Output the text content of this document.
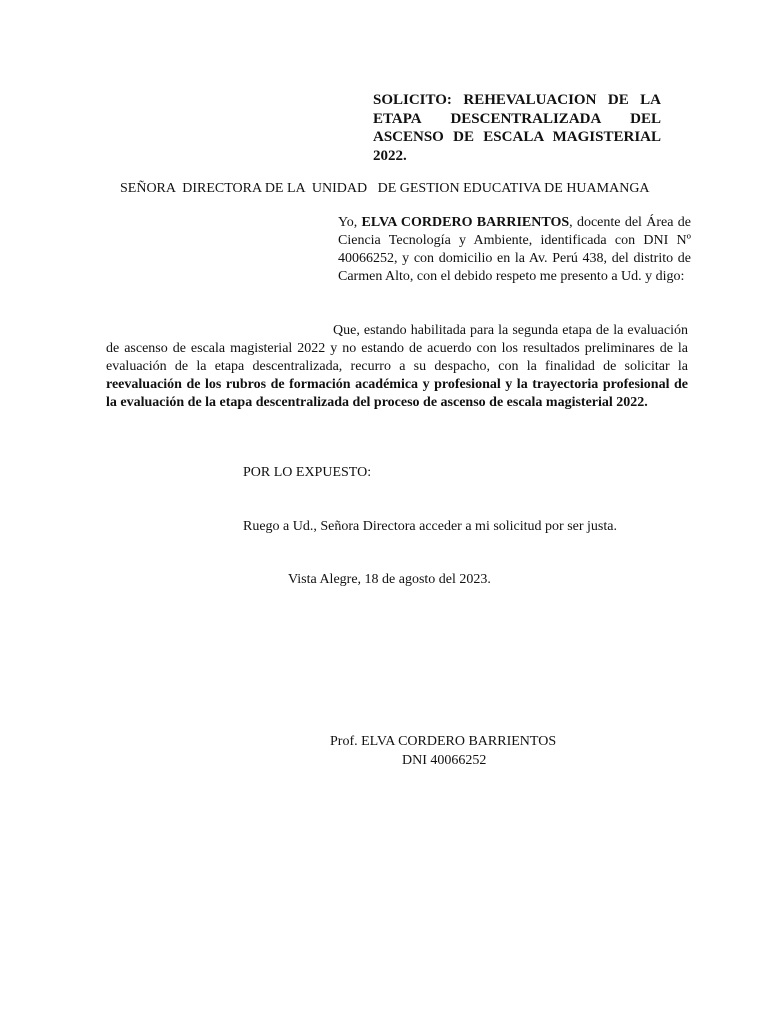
SOLICITO: REHEVALUACION DE LA
ETAPA DESCENTRALIZADA DEL
ASCENSO DE ESCALA MAGISTERIAL

2022.
SEÑORA  DIRECTORA DE LA  UNIDAD   DE GESTION EDUCATIVA DE HUAMANGA
Yo, ELVA CORDERO BARRIENTOS, docente del Área de Ciencia Tecnología y Ambiente, identificada con DNI Nº 40066252, y con domicilio en la Av. Perú 438, del distrito de Carmen Alto, con el debido respeto me presento a Ud. y digo:
Que, estando habilitada para la segunda etapa de la evaluación de ascenso de escala magisterial 2022 y no estando de acuerdo con los resultados preliminares de la evaluación de la etapa descentralizada, recurro a su despacho, con la finalidad de solicitar la reevaluación de los rubros de formación académica y profesional y la trayectoria profesional de la evaluación de la etapa descentralizada del proceso de ascenso de escala magisterial 2022.
POR LO EXPUESTO:
Ruego a Ud., Señora Directora acceder a mi solicitud por ser justa.
Vista Alegre, 18 de agosto del 2023.
Prof. ELVA CORDERO BARRIENTOS
DNI 40066252
